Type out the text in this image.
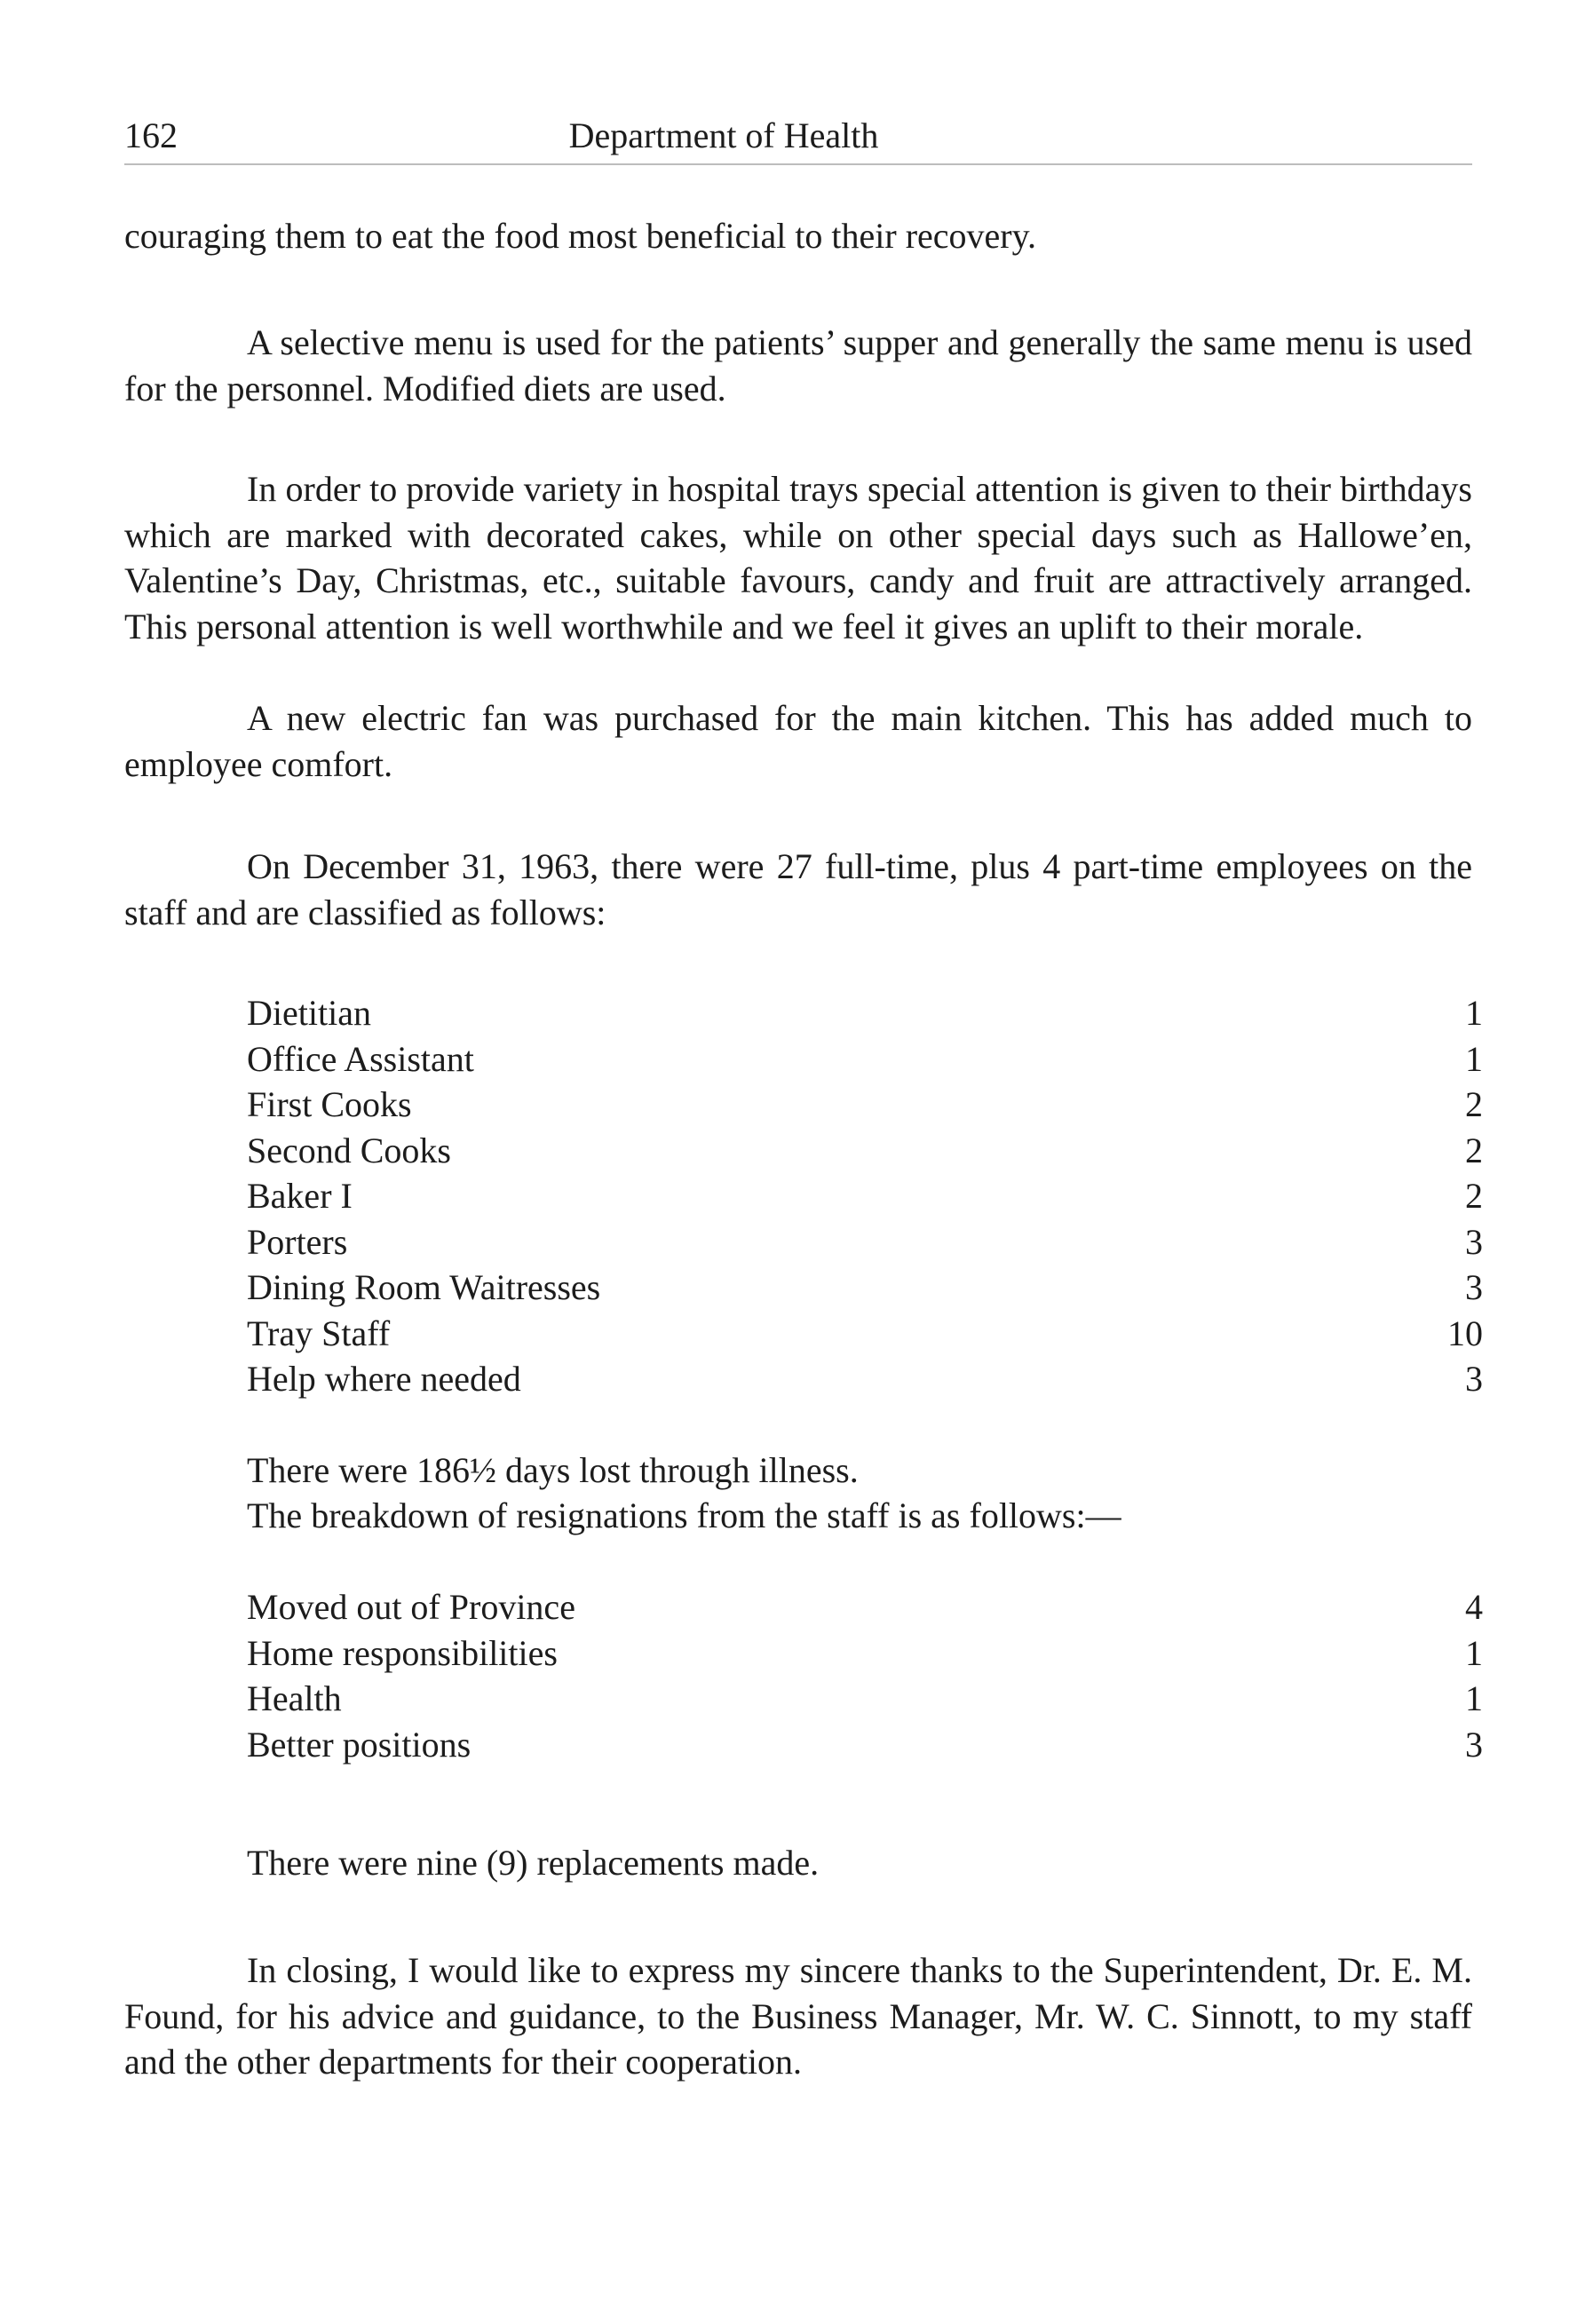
162	Department of Health

couraging them to eat the food most beneficial to their recovery.

A selective menu is used for the patients’ supper and generally the same menu is used for the personnel. Modified diets are used.

In order to provide variety in hospital trays special attention is given to their birthdays which are marked with decorated cakes, while on other special days such as Hallowe’en, Valentine’s Day, Christmas, etc., suitable favours, candy and fruit are attractively arranged. This personal attention is well worthwhile and we feel it gives an uplift to their morale.

A new electric fan was purchased for the main kitchen. This has added much to employee comfort.

On December 31, 1963, there were 27 full-time, plus 4 part-time employees on the staff and are classified as follows:

Dietitian	1
Office Assistant	1
First Cooks	2
Second Cooks	2
Baker I	2
Porters	3
Dining Room Waitresses	3
Tray Staff	10
Help where needed	3

There were 186½ days lost through illness.

The breakdown of resignations from the staff is as follows:—

Moved out of Province	4
Home responsibilities	1
Health	1
Better positions	3

There were nine (9) replacements made.

In closing, I would like to express my sincere thanks to the Superintendent, Dr. E. M. Found, for his advice and guidance, to the Business Manager, Mr. W. C. Sinnott, to my staff and the other departments for their cooperation.
